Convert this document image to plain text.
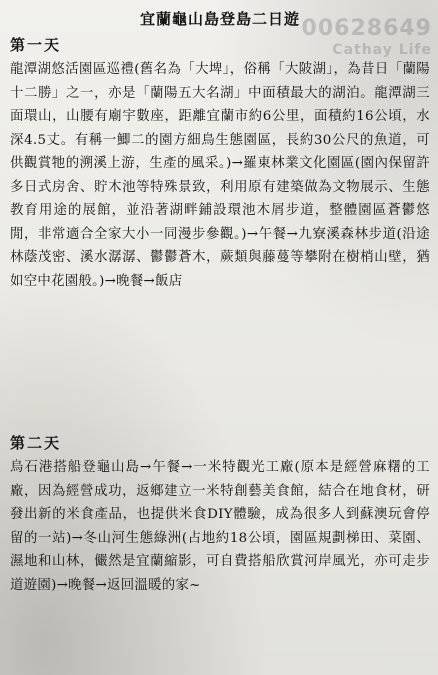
00628649
Cathay Life
宜蘭龜山島登島二日遊
第一天

龍潭湖悠活園區巡禮(舊名為「大埤」，俗稱「大陂湖」，為昔日「蘭陽十二勝」之一，亦是「蘭陽五大名湖」中面積最大的湖泊。龍潭湖三面環山，山腰有廟宇數座，距離宜蘭市約6公里，面積約16公頃，水深4.5丈。有稱一鯽二的園方細鳥生態園區，長約30公尺的魚道，可供觀賞牠的溯溪上游，生產的風采。)→羅東林業文化園區(園內保留許多日式房舍、貯木池等特殊景致，利用原有建築做為文物展示、生態教育用途的展館，並沿著湖畔鋪設環池木屑步道，整體園區蒼鬱悠閒，非常適合全家大小一同漫步參觀。)→午餐→九寮溪森林步道(沿途林蔭茂密、溪水潺潺、鬱鬱蒼木，蕨類與藤蔓等攀附在樹梢山壁，猶如空中花園般。)→晚餐→飯店

第二天

烏石港搭船登龜山島→午餐→一米特觀光工廠(原本是經營麻糬的工廠，因為經營成功，返鄉建立一米特創藝美食館，結合在地食材，研發出新的米食產品，也提供米食DIY體驗，成為很多人到蘇澳玩會停留的一站)→冬山河生態綠洲(占地約18公頃，園區規劃梯田、菜園、濕地和山林，儼然是宜蘭縮影，可自費搭船欣賞河岸風光，亦可走步道遊園)→晚餐→返回溫暖的家~
